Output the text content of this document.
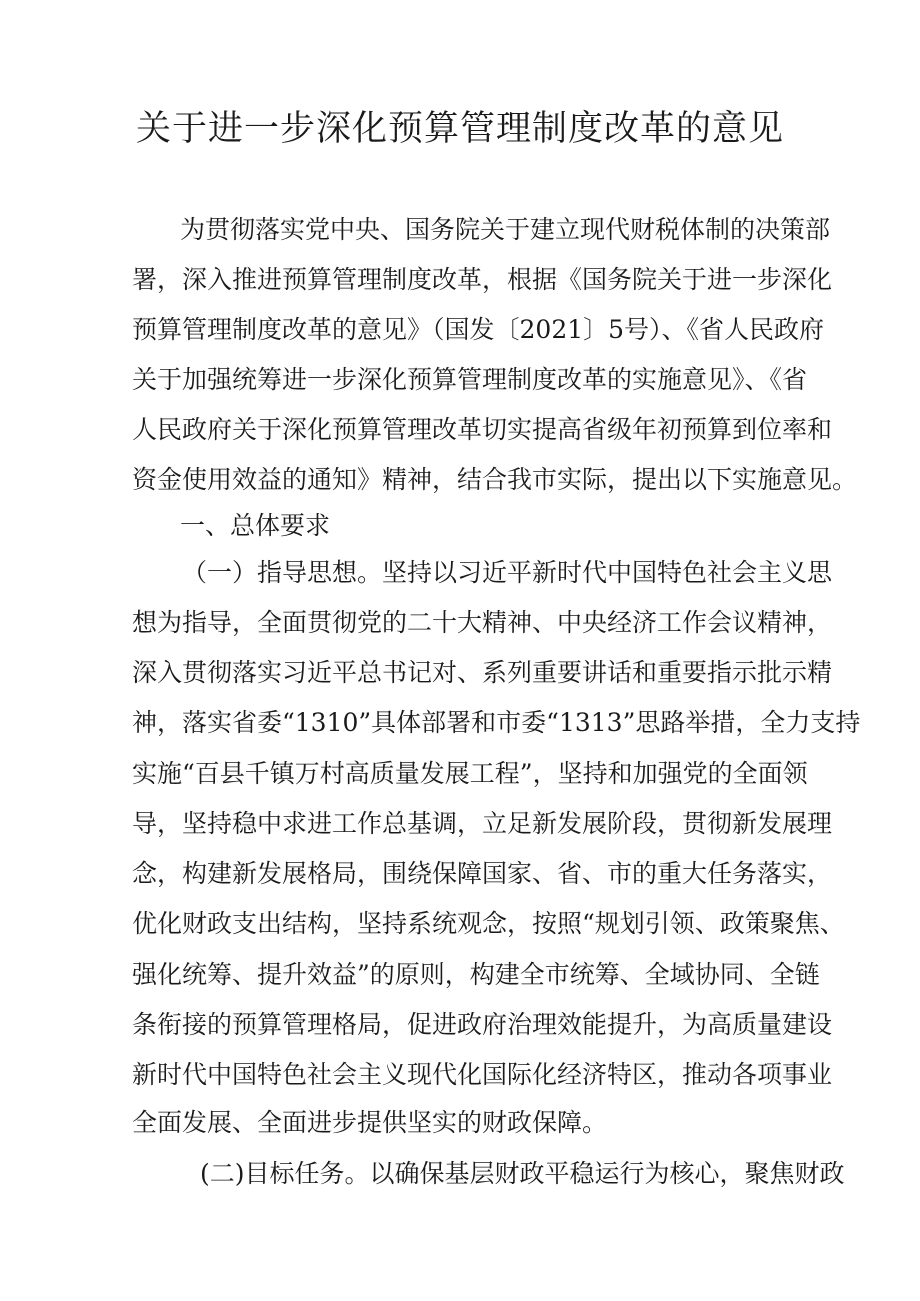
关于进一步深化预算管理制度改革的意见

为贯彻落实党中央、国务院关于建立现代财税体制的决策部

署，深入推进预算管理制度改革，根据《国务院关于进一步深化

预算管理制度改革的意见》（国发〔2021〕5号）、《省人民政府

关于加强统筹进一步深化预算管理制度改革的实施意见》、《省

人民政府关于深化预算管理改革切实提高省级年初预算到位率和

资金使用效益的通知》精神，结合我市实际，提出以下实施意见。

一、总体要求

（一）指导思想。坚持以习近平新时代中国特色社会主义思

想为指导，全面贯彻党的二十大精神、中央经济工作会议精神，

深入贯彻落实习近平总书记对、系列重要讲话和重要指示批示精

神，落实省委“1310”具体部署和市委“1313”思路举措，全力支持

实施“百县千镇万村高质量发展工程”，坚持和加强党的全面领

导，坚持稳中求进工作总基调，立足新发展阶段，贯彻新发展理

念，构建新发展格局，围绕保障国家、省、市的重大任务落实，

优化财政支出结构，坚持系统观念，按照“规划引领、政策聚焦、

强化统筹、提升效益”的原则，构建全市统筹、全域协同、全链

条衔接的预算管理格局，促进政府治理效能提升，为高质量建设

新时代中国特色社会主义现代化国际化经济特区，推动各项事业

全面发展、全面进步提供坚实的财政保障。

(二)目标任务。以确保基层财政平稳运行为核心，聚焦财政
